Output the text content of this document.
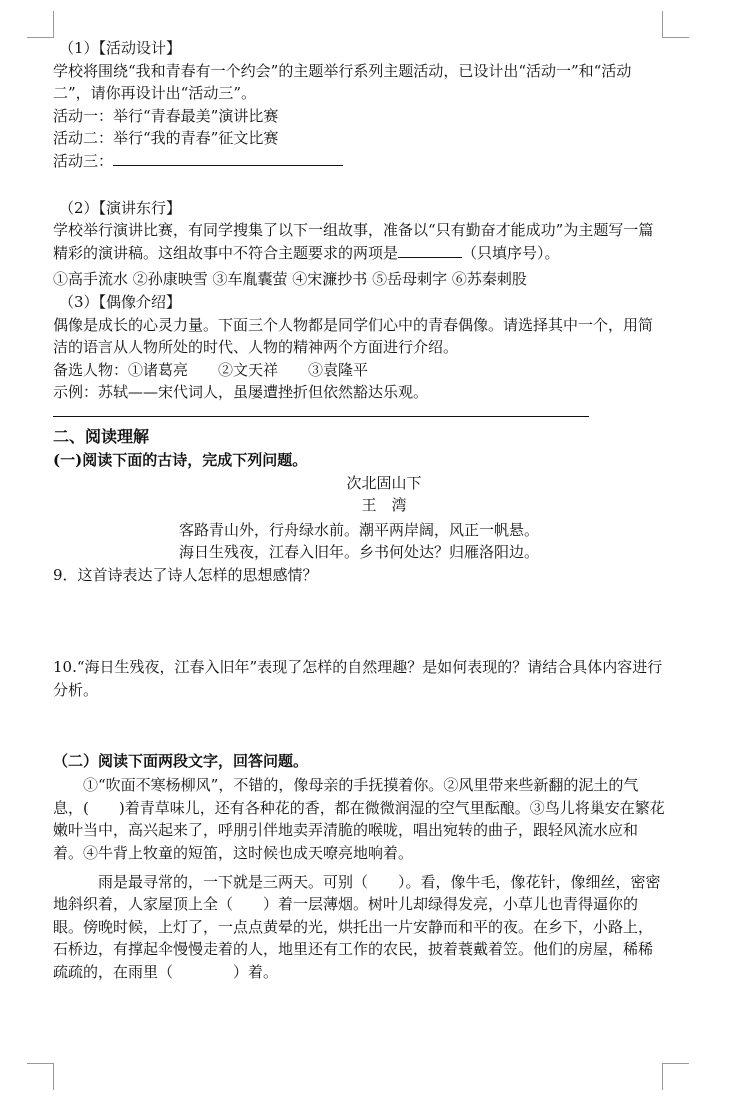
（1）【活动设计】

学校将围绕“我和青春有一个约会”的主题举行系列主题活动，已设计出“活动一”和“活动二”，请你再设计出“活动三”。

活动一：举行“青春最美”演讲比赛

活动二：举行“我的青春”征文比赛

活动三：

（2）【演讲东行】

学校举行演讲比赛，有同学搜集了以下一组故事，准备以“只有勤奋才能成功”为主题写一篇精彩的演讲稿。这组故事中不符合主题要求的两项是	（只填序号）。

①高手流水 ②孙康映雪 ③车胤囊萤 ④宋濂抄书 ⑤岳母刺字 ⑥苏秦刺股

（3）【偶像介绍】

偶像是成长的心灵力量。下面三个人物都是同学们心中的青春偶像。请选择其中一个，用简洁的语言从人物所处的时代、人物的精神两个方面进行介绍。

备选人物：①诸葛亮　　②文天祥　　③袁隆平

示例：苏轼——宋代词人，虽屡遭挫折但依然豁达乐观。

二、阅读理解

(一)阅读下面的古诗，完成下列问题。

次北固山下

王　湾

客路青山外，行舟绿水前。潮平两岸阔，风正一帆悬。

海日生残夜，江春入旧年。乡书何处达？归雁洛阳边。

9．这首诗表达了诗人怎样的思想感情？

10.“海日生残夜，江春入旧年”表现了怎样的自然理趣？是如何表现的？请结合具体内容进行分析。

（二）阅读下面两段文字，回答问题。

①“吹面不寒杨柳风”，不错的，像母亲的手抚摸着你。②风里带来些新翻的泥土的气息，(　　)着青草味儿，还有各种花的香，都在微微润湿的空气里酝酿。③鸟儿将巢安在繁花嫩叶当中，高兴起来了，呼朋引伴地卖弄清脆的喉咙，唱出宛转的曲子，跟轻风流水应和着。④牛背上牧童的短笛，这时候也成天嘹亮地响着。

雨是最寻常的，一下就是三两天。可别（　　）。看，像牛毛，像花针，像细丝，密密地斜织着，人家屋顶上全（　　）着一层薄烟。树叶儿却绿得发亮，小草儿也青得逼你的眼。傍晚时候，上灯了，一点点黄晕的光，烘托出一片安静而和平的夜。在乡下，小路上，石桥边，有撑起伞慢慢走着的人，地里还有工作的农民，披着蓑戴着笠。他们的房屋，稀稀疏疏的，在雨里（　　　　）着。
